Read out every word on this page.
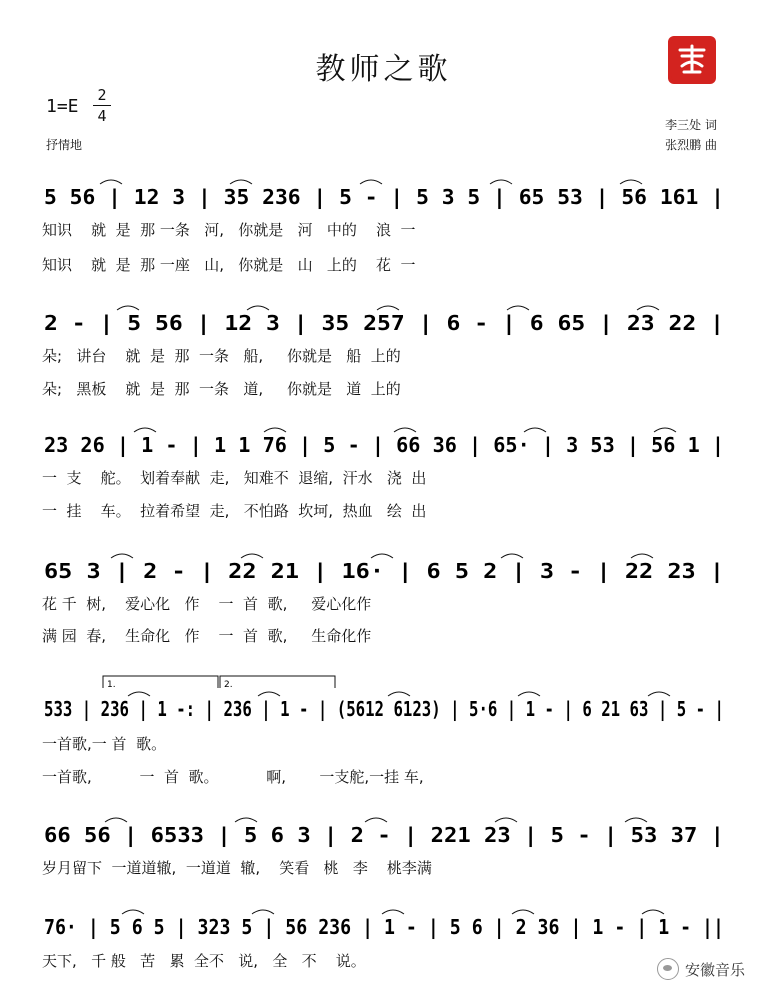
教师之歌
1=E
2
4
抒情地
李三处 词
张烈鹏 曲
5 56 | 12 3 | 35 236 | 5 - | 5 3 5 | 65 53 | 56 161 |
知识    就  是  那 一条   河,   你就是   河   中的    浪  一
知识    就  是  那 一座   山,   你就是   山   上的    花  一
2 - | 5 56 | 12 3 | 35 257 | 6 - | 6 65 | 23 22 |
朵;   讲台    就  是  那  一条   船,     你就是   船  上的
朵;   黑板    就  是  那  一条   道,     你就是   道  上的
23 26 | 1 - | 1 1 76 | 5 - | 66 36 | 65· | 3 53 | 56 1 |
一  支    舵。  划着奉献  走,   知难不  退缩,  汗水   浇  出
一  挂    车。  拉着希望  走,   不怕路  坎坷,  热血   绘  出
65 3 | 2 - | 22 21 | 16· | 6 5 2 | 3 - | 22 23 |
花 千  树,    爱心化   作    一  首  歌,     爱心化作
满 园  春,    生命化   作    一  首  歌,     生命化作
1.	2.
533 | 236 | 1 -: | 236 | 1 - | (5612 6123) | 5·6 | 1 - | 6 21 63 | 5 - |
一首歌,一 首  歌。
一首歌,          一  首  歌。          啊,       一支舵,一挂 车,
66 56 | 6533 | 5 6 3 | 2 - | 221 23 | 5 - | 53 37 |
岁月留下  一道道辙,  一道道  辙,    笑看   桃   李    桃李满
76· | 5 6 5 | 323 5 | 56 236 | 1 - | 5 6 | 2 36 | 1 - | 1 - ||
天下,   千 般   苦   累  全不   说,   全   不    说。	安徽音乐
